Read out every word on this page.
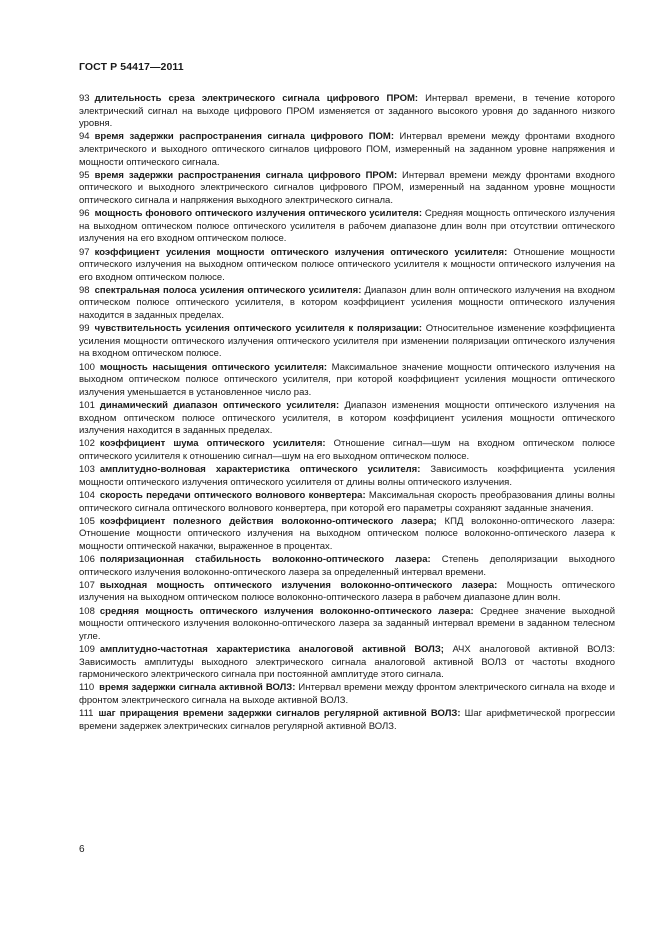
ГОСТ Р 54417—2011

93 длительность среза электрического сигнала цифрового ПРОМ: Интервал времени, в течение которого электрический сигнал на выходе цифрового ПРОМ изменяется от заданного высокого уровня до заданного низкого уровня.

94 время задержки распространения сигнала цифрового ПОМ: Интервал времени между фронтами входного электрического и выходного оптического сигналов цифрового ПОМ, измеренный на заданном уровне напряжения и мощности оптического сигнала.

95 время задержки распространения сигнала цифрового ПРОМ: Интервал времени между фронтами входного оптического и выходного электрического сигналов цифрового ПРОМ, измеренный на заданном уровне мощности оптического сигнала и напряжения выходного электрического сигнала.

96 мощность фонового оптического излучения оптического усилителя: Средняя мощность оптического излучения на выходном оптическом полюсе оптического усилителя в рабочем диапазоне длин волн при отсутствии оптического излучения на его входном оптическом полюсе.

97 коэффициент усиления мощности оптического излучения оптического усилителя: Отношение мощности оптического излучения на выходном оптическом полюсе оптического усилителя к мощности оптического излучения на его входном оптическом полюсе.

98 спектральная полоса усиления оптического усилителя: Диапазон длин волн оптического излучения на входном оптическом полюсе оптического усилителя, в котором коэффициент усиления мощности оптического излучения находится в заданных пределах.

99 чувствительность усиления оптического усилителя к поляризации: Относительное изменение коэффициента усиления мощности оптического излучения оптического усилителя при изменении поляризации оптического излучения на входном оптическом полюсе.

100 мощность насыщения оптического усилителя: Максимальное значение мощности оптического излучения на выходном оптическом полюсе оптического усилителя, при которой коэффициент усиления мощности оптического излучения уменьшается в установленное число раз.

101 динамический диапазон оптического усилителя: Диапазон изменения мощности оптического излучения на входном оптическом полюсе оптического усилителя, в котором коэффициент усиления мощности оптического излучения находится в заданных пределах.

102 коэффициент шума оптического усилителя: Отношение сигнал—шум на входном оптическом полюсе оптического усилителя к отношению сигнал—шум на его выходном оптическом полюсе.

103 амплитудно-волновая характеристика оптического усилителя: Зависимость коэффициента усиления мощности оптического излучения оптического усилителя от длины волны оптического излучения.

104 скорость передачи оптического волнового конвертера: Максимальная скорость преобразования длины волны оптического сигнала оптического волнового конвертера, при которой его параметры сохраняют заданные значения.

105 коэффициент полезного действия волоконно-оптического лазера; КПД волоконно-оптического лазера: Отношение мощности оптического излучения на выходном оптическом полюсе волоконно-оптического лазера к мощности оптической накачки, выраженное в процентах.

106 поляризационная стабильность волоконно-оптического лазера: Степень деполяризации выходного оптического излучения волоконно-оптического лазера за определенный интервал времени.

107 выходная мощность оптического излучения волоконно-оптического лазера: Мощность оптического излучения на выходном оптическом полюсе волоконно-оптического лазера в рабочем диапазоне длин волн.

108 средняя мощность оптического излучения волоконно-оптического лазера: Среднее значение выходной мощности оптического излучения волоконно-оптического лазера за заданный интервал времени в заданном телесном угле.

109 амплитудно-частотная характеристика аналоговой активной ВОЛЗ; АЧХ аналоговой активной ВОЛЗ: Зависимость амплитуды выходного электрического сигнала аналоговой активной ВОЛЗ от частоты входного гармонического электрического сигнала при постоянной амплитуде этого сигнала.

110 время задержки сигнала активной ВОЛЗ: Интервал времени между фронтом электрического сигнала на входе и фронтом электрического сигнала на выходе активной ВОЛЗ.

111 шаг приращения времени задержки сигналов регулярной активной ВОЛЗ: Шаг арифметической прогрессии времени задержек электрических сигналов регулярной активной ВОЛЗ.

6
